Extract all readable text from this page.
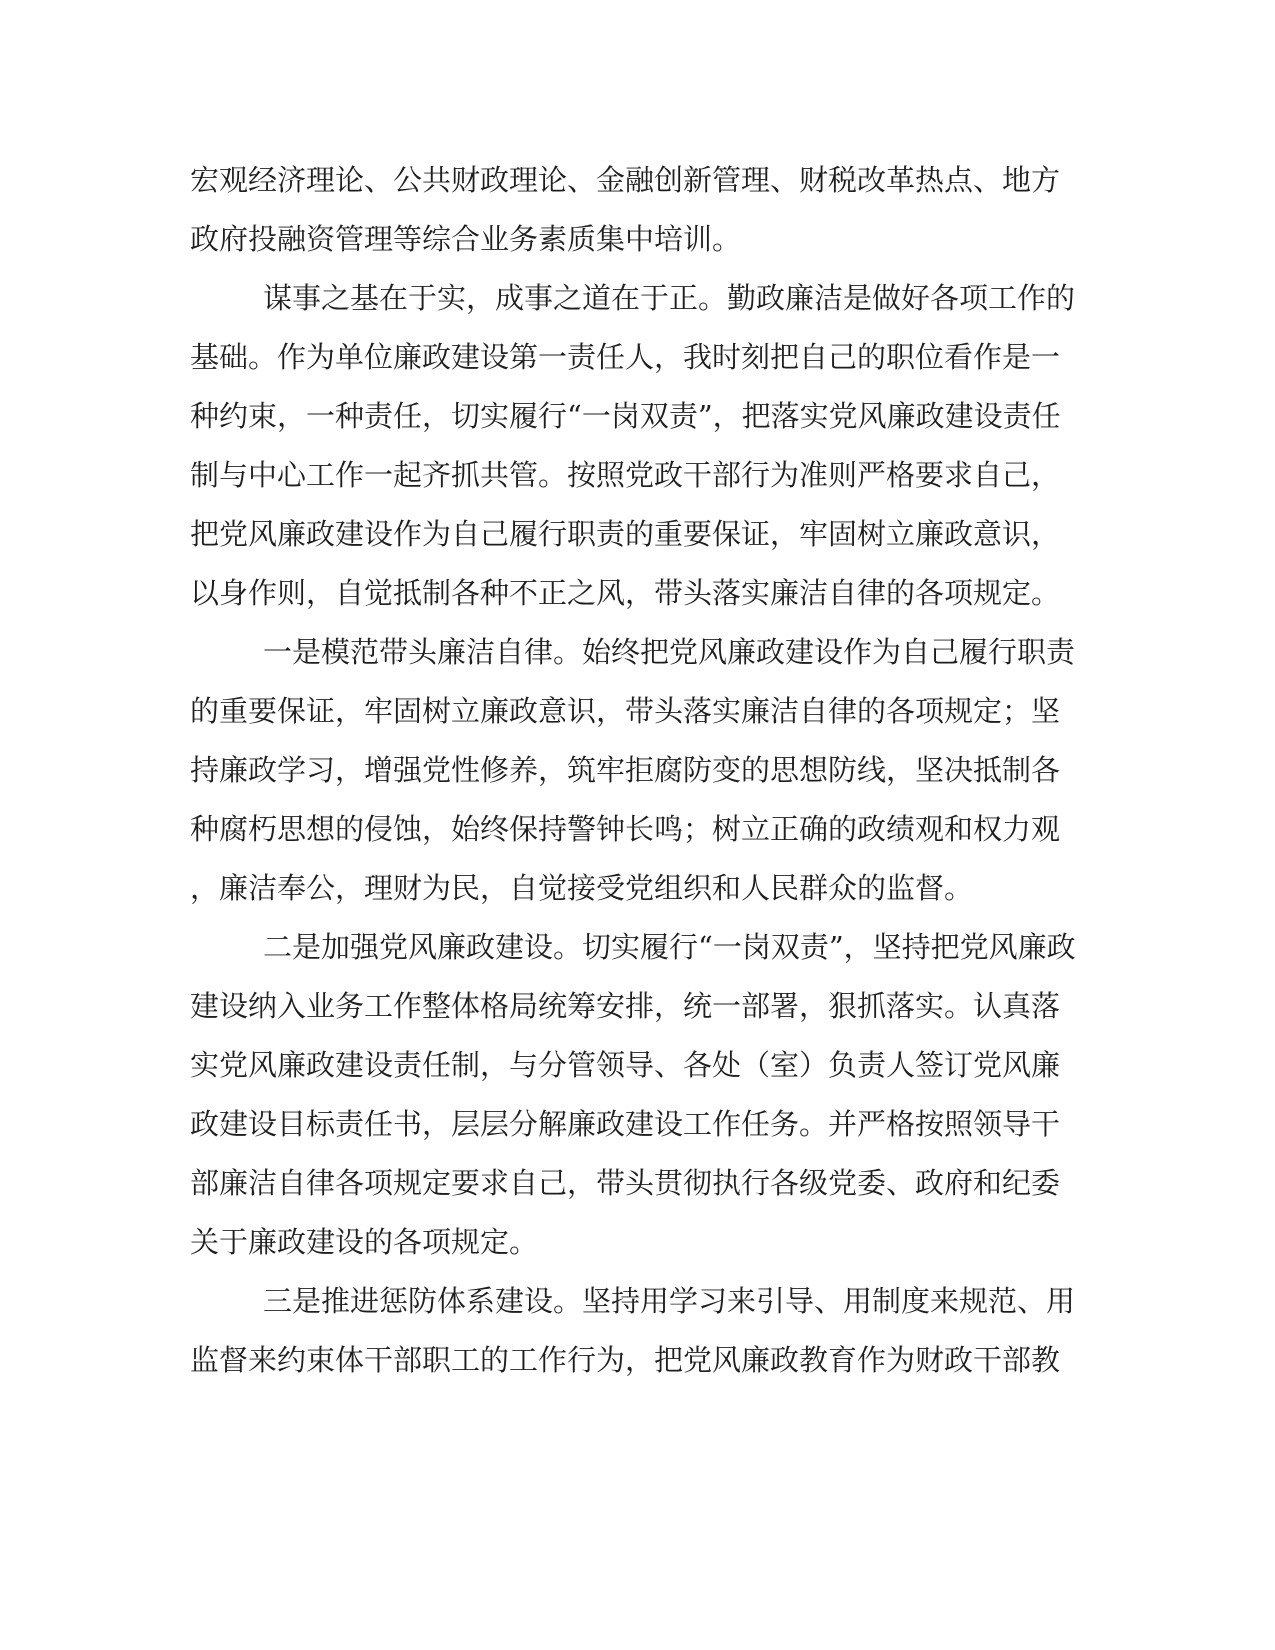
宏观经济理论、公共财政理论、金融创新管理、财税改革热点、地方
政府投融资管理等综合业务素质集中培训。
谋事之基在于实，成事之道在于正。勤政廉洁是做好各项工作的
基础。作为单位廉政建设第一责任人，我时刻把自己的职位看作是一
种约束，一种责任，切实履行“一岗双责”，把落实党风廉政建设责任
制与中心工作一起齐抓共管。按照党政干部行为准则严格要求自己，
把党风廉政建设作为自己履行职责的重要保证，牢固树立廉政意识，
以身作则，自觉抵制各种不正之风，带头落实廉洁自律的各项规定。
一是模范带头廉洁自律。始终把党风廉政建设作为自己履行职责
的重要保证，牢固树立廉政意识，带头落实廉洁自律的各项规定；坚
持廉政学习，增强党性修养，筑牢拒腐防变的思想防线，坚决抵制各
种腐朽思想的侵蚀，始终保持警钟长鸣；树立正确的政绩观和权力观
，廉洁奉公，理财为民，自觉接受党组织和人民群众的监督。
二是加强党风廉政建设。切实履行“一岗双责”，坚持把党风廉政
建设纳入业务工作整体格局统筹安排，统一部署，狠抓落实。认真落
实党风廉政建设责任制，与分管领导、各处（室）负责人签订党风廉
政建设目标责任书，层层分解廉政建设工作任务。并严格按照领导干
部廉洁自律各项规定要求自己，带头贯彻执行各级党委、政府和纪委
关于廉政建设的各项规定。
三是推进惩防体系建设。坚持用学习来引导、用制度来规范、用
监督来约束体干部职工的工作行为，把党风廉政教育作为财政干部教
